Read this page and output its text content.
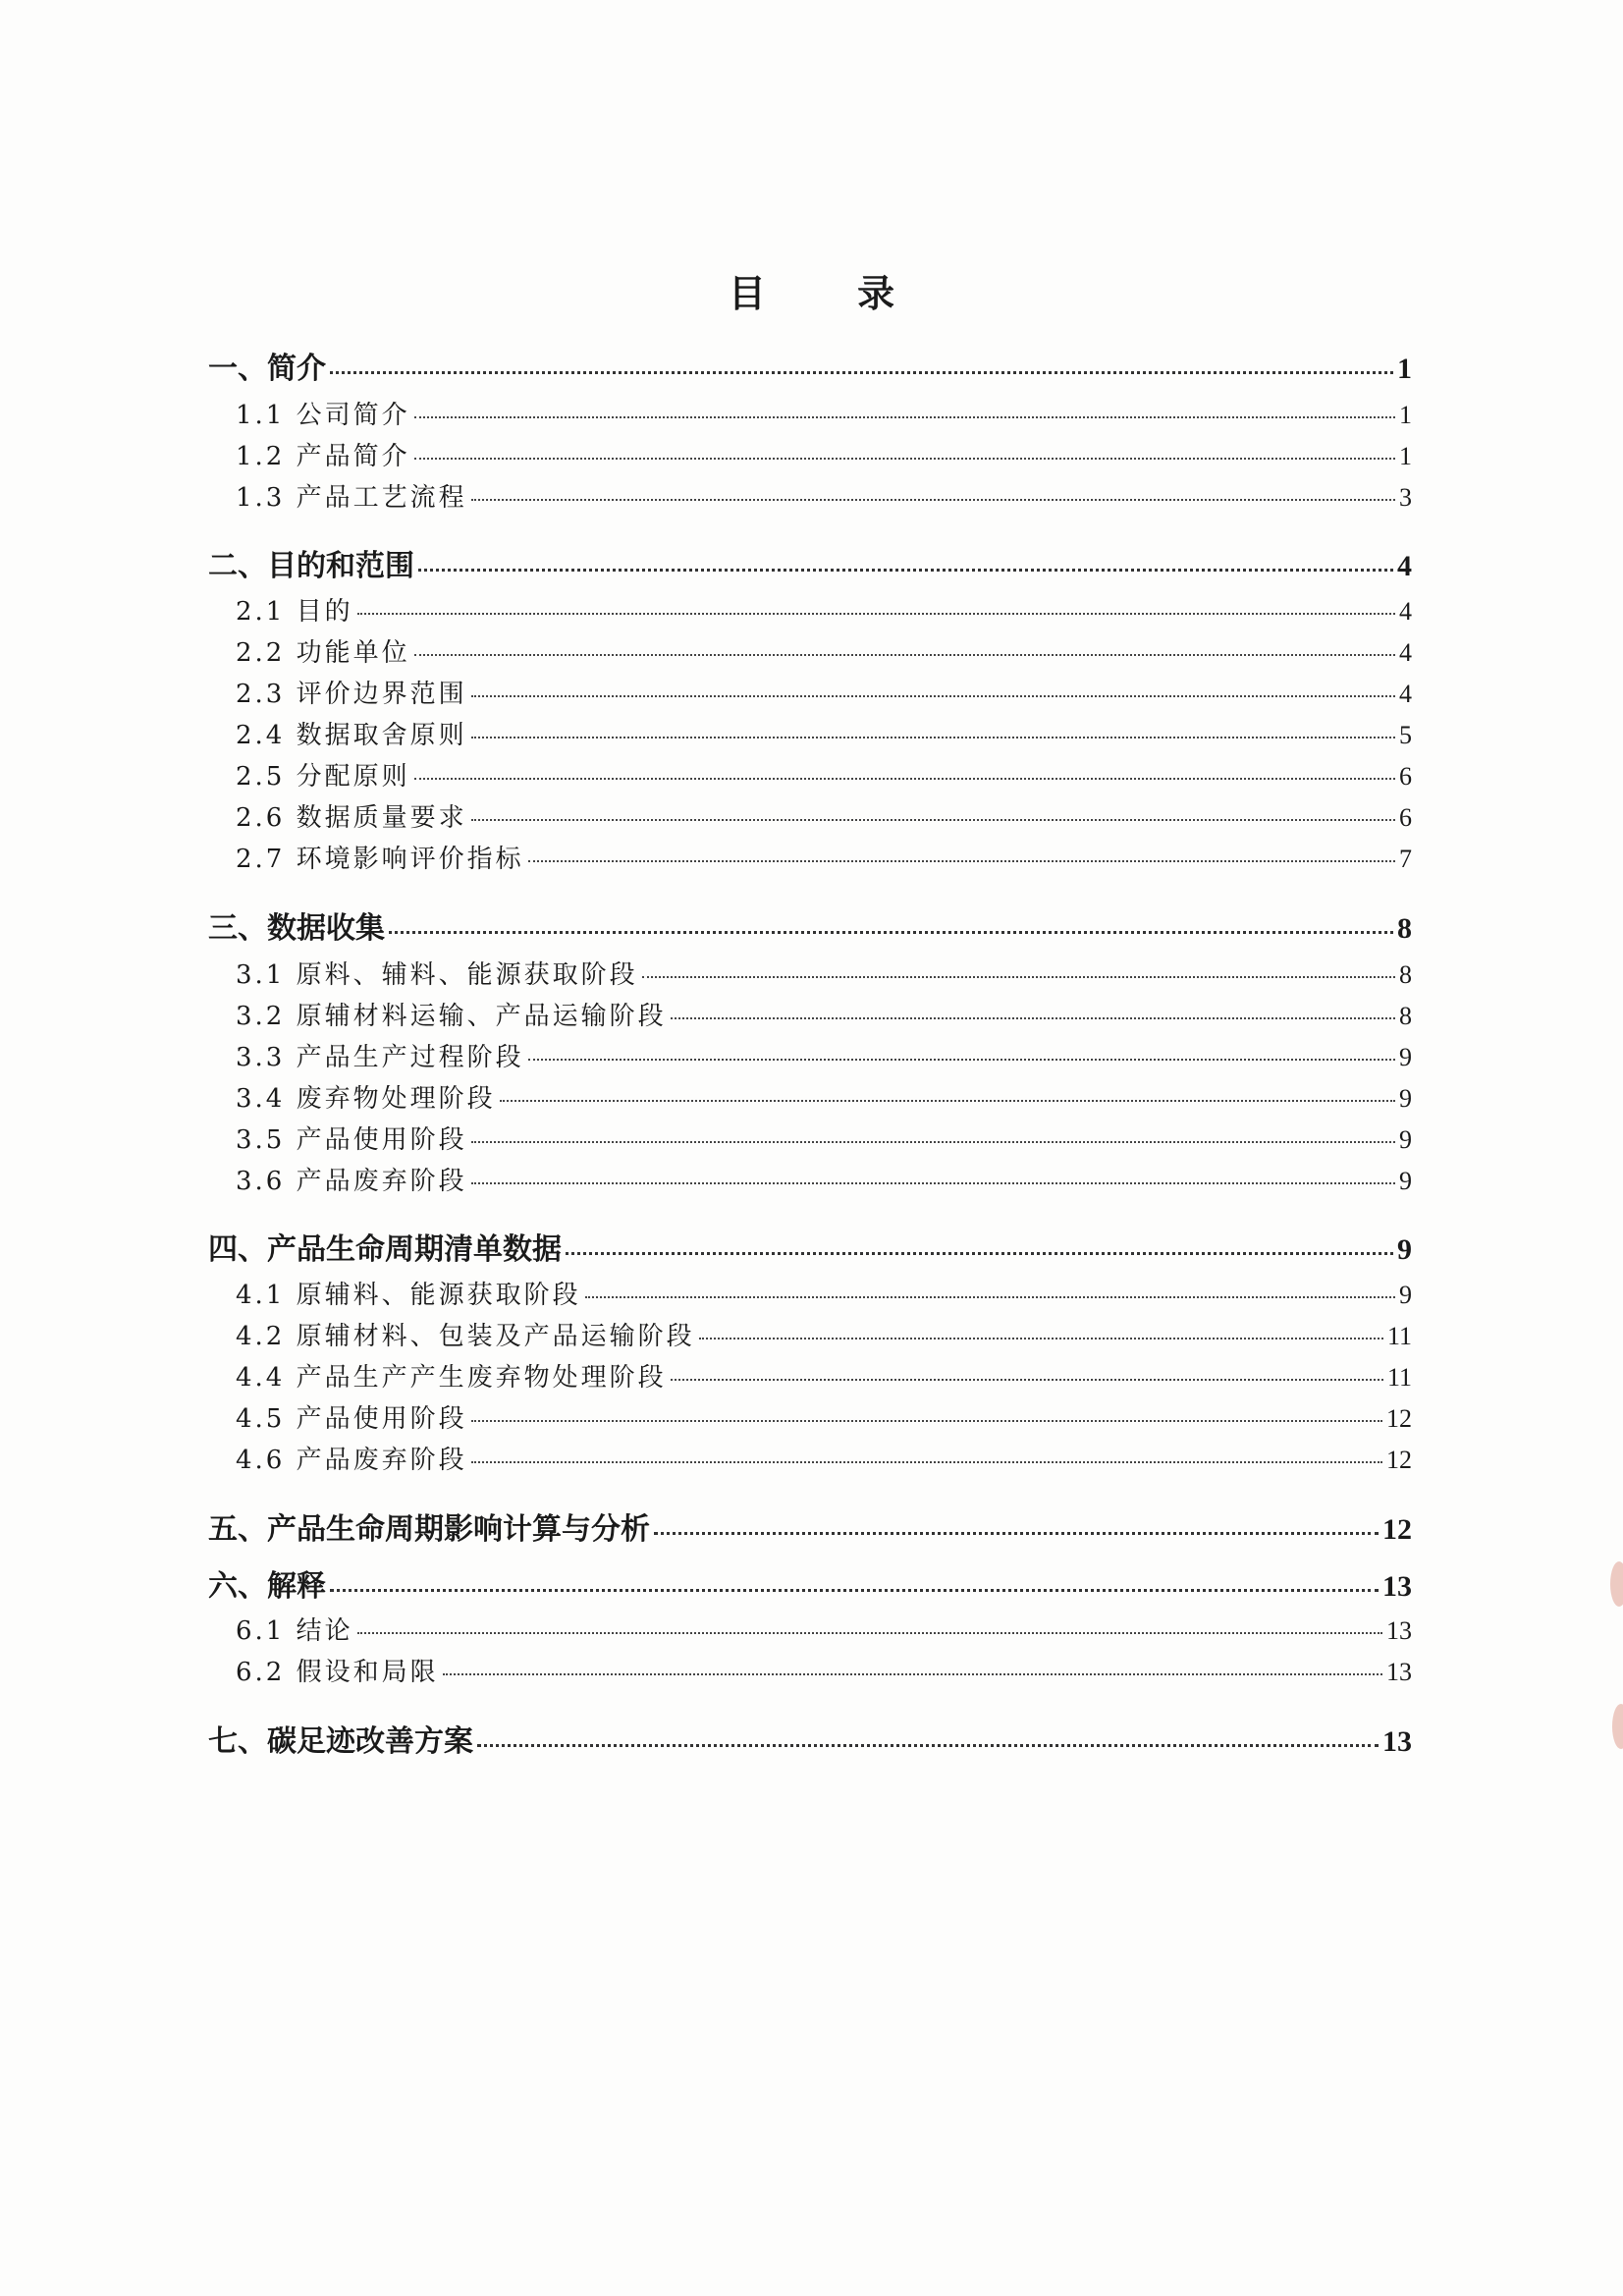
目 录
一、简介	1
1.1 公司简介	1
1.2 产品简介	1
1.3 产品工艺流程	3
二、目的和范围	4
2.1 目的	4
2.2 功能单位	4
2.3 评价边界范围	4
2.4 数据取舍原则	5
2.5 分配原则	6
2.6 数据质量要求	6
2.7 环境影响评价指标	7
三、数据收集	8
3.1 原料、辅料、能源获取阶段	8
3.2 原辅材料运输、产品运输阶段	8
3.3 产品生产过程阶段	9
3.4 废弃物处理阶段	9
3.5 产品使用阶段	9
3.6 产品废弃阶段	9
四、产品生命周期清单数据	9
4.1 原辅料、能源获取阶段	9
4.2 原辅材料、包装及产品运输阶段	11
4.4 产品生产产生废弃物处理阶段	11
4.5 产品使用阶段	12
4.6 产品废弃阶段	12
五、产品生命周期影响计算与分析	12
六、解释	13
6.1 结论	13
6.2 假设和局限	13
七、碳足迹改善方案	13
